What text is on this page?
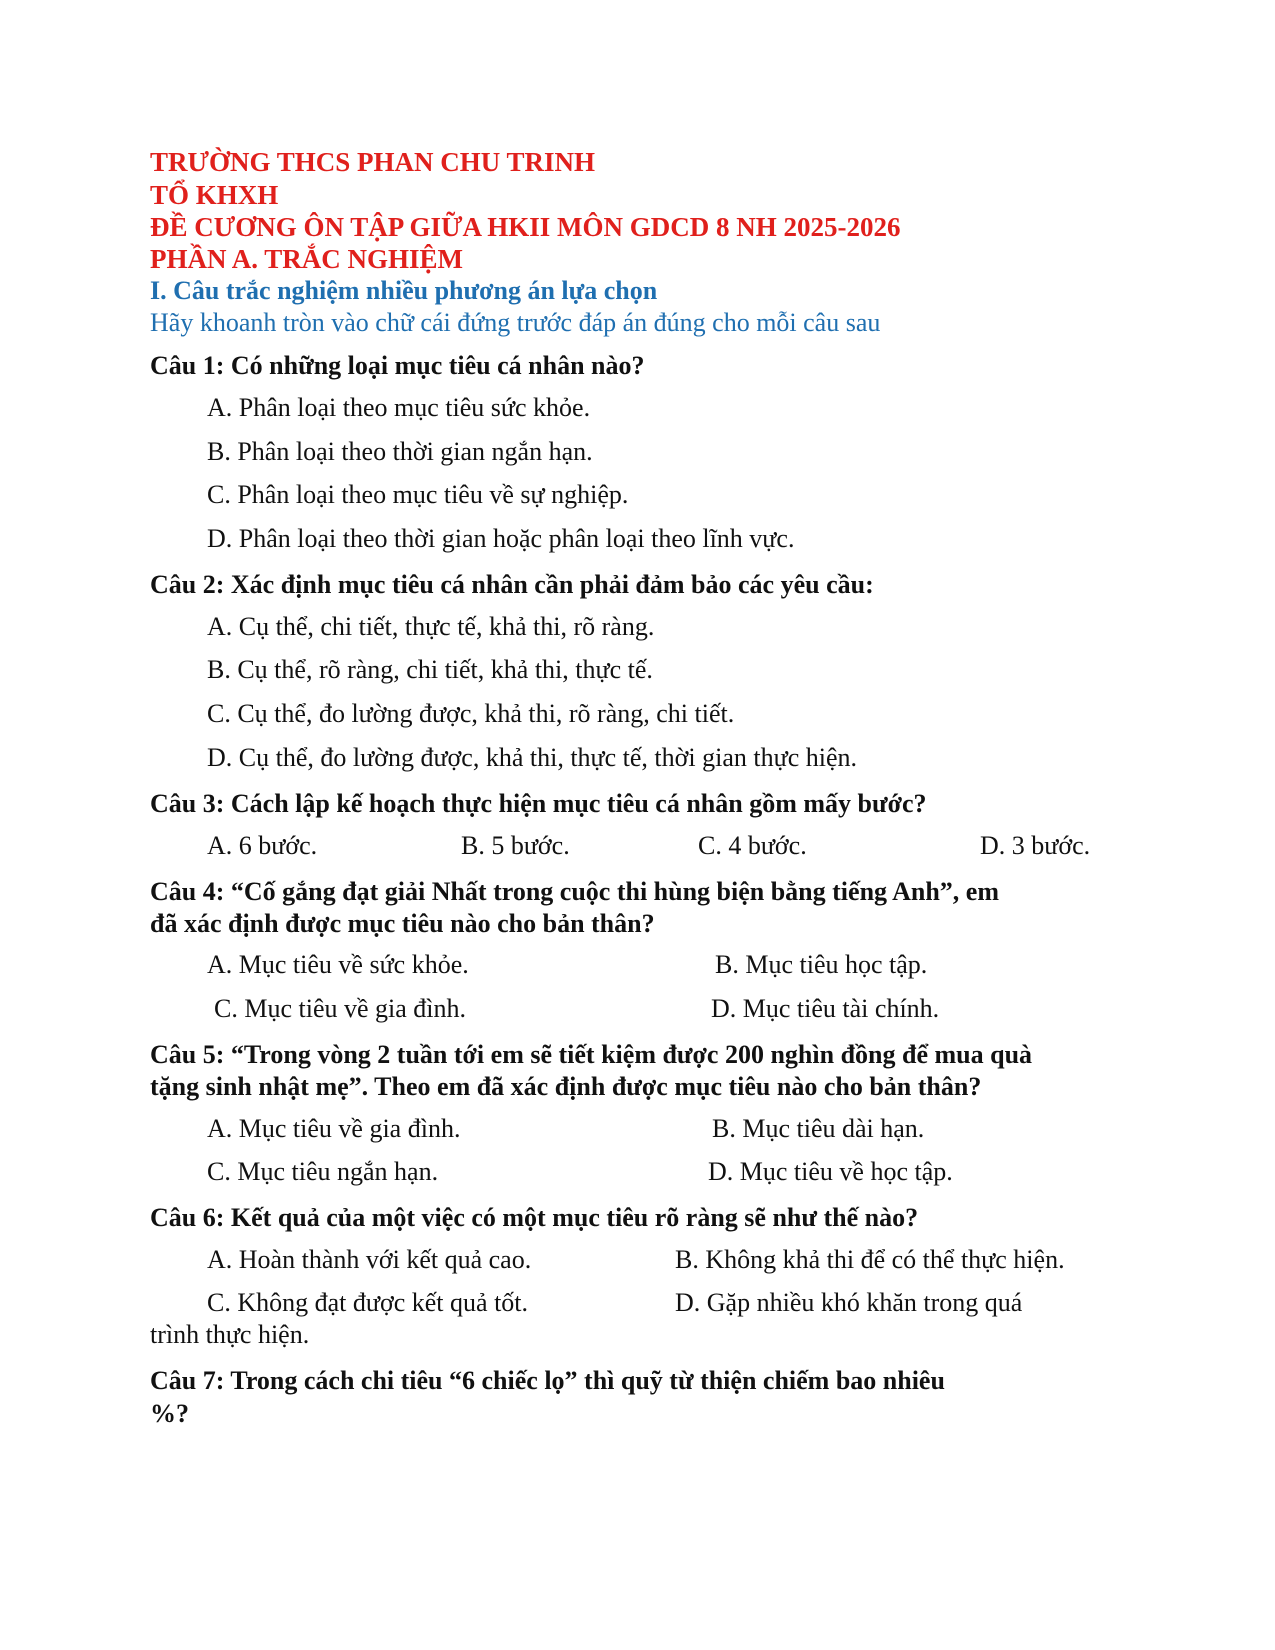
TRƯỜNG THCS PHAN CHU TRINH
TỔ KHXH
ĐỀ CƯƠNG ÔN TẬP GIỮA HKII MÔN GDCD 8 NH 2025-2026
PHẦN A. TRẮC NGHIỆM
I. Câu trắc nghiệm nhiều phương án lựa chọn
Hãy khoanh tròn vào chữ cái đứng trước đáp án đúng cho mỗi câu sau
Câu 1: Có những loại mục tiêu cá nhân nào?
A. Phân loại theo mục tiêu sức khỏe.
B. Phân loại theo thời gian ngắn hạn.
C. Phân loại theo mục tiêu về sự nghiệp.
D. Phân loại theo thời gian hoặc phân loại theo lĩnh vực.
Câu 2: Xác định mục tiêu cá nhân cần phải đảm bảo các yêu cầu:
A. Cụ thể, chi tiết, thực tế, khả thi, rõ ràng.
B. Cụ thể, rõ ràng, chi tiết, khả thi, thực tế.
C. Cụ thể, đo lường được, khả thi, rõ ràng, chi tiết.
D. Cụ thể, đo lường được, khả thi, thực tế, thời gian thực hiện.
Câu 3: Cách lập kế hoạch thực hiện mục tiêu cá nhân gồm mấy bước?
A. 6 bước.	B. 5 bước.	C. 4 bước.	D. 3 bước.
Câu 4: “Cố gắng đạt giải Nhất trong cuộc thi hùng biện bằng tiếng Anh”, em
đã xác định được mục tiêu nào cho bản thân?
A. Mục tiêu về sức khỏe.	B. Mục tiêu học tập.
C. Mục tiêu về gia đình.	D. Mục tiêu tài chính.
Câu 5: “Trong vòng 2 tuần tới em sẽ tiết kiệm được 200 nghìn đồng để mua quà
tặng sinh nhật mẹ”. Theo em đã xác định được mục tiêu nào cho bản thân?
A. Mục tiêu về gia đình.	B. Mục tiêu dài hạn.
C. Mục tiêu ngắn hạn.	D. Mục tiêu về học tập.
Câu 6: Kết quả của một việc có một mục tiêu rõ ràng sẽ như thế nào?
A. Hoàn thành với kết quả cao.	B. Không khả thi để có thể thực hiện.
C. Không đạt được kết quả tốt.	D. Gặp nhiều khó khăn trong quá
trình thực hiện.
Câu 7: Trong cách chi tiêu “6 chiếc lọ” thì quỹ từ thiện chiếm bao nhiêu
%?
